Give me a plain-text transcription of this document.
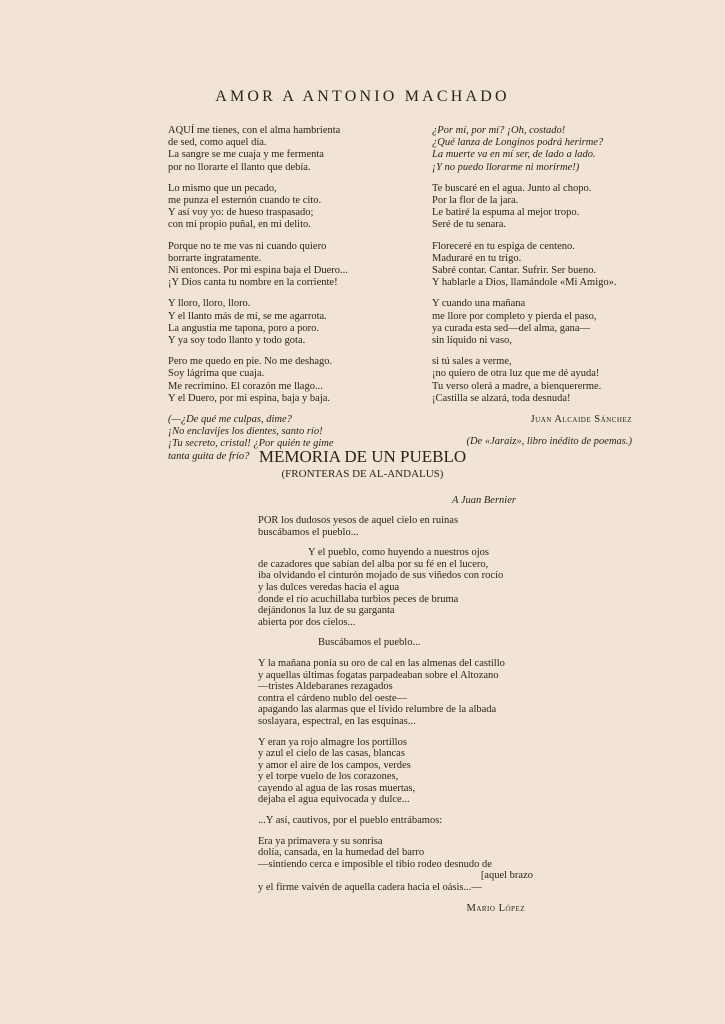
AMOR A ANTONIO MACHADO
AQUÍ me tienes, con el alma hambrienta
de sed, como aquel día.
La sangre se me cuaja y me fermenta
por no llorarte el llanto que debía.
Lo mismo que un pecado,
me punza el esternón cuando te cito.
Y así voy yo: de hueso traspasado;
con mi propio puñal, en mi delito.
Porque no te me vas ni cuando quiero
borrarte ingratamente.
Ni entonces. Por mi espina baja el Duero...
¡Y Dios canta tu nombre en la corriente!
Y lloro, lloro, lloro.
Y el llanto más de mí, se me agarrota.
La angustia me tapona, poro a poro.
Y ya soy todo llanto y todo gota.
Pero me quedo en pie. No me deshago.
Soy lágrima que cuaja.
Me recrimino. El corazón me llago...
Y el Duero, por mi espina, baja y baja.
(—¿De qué me culpas, dime?
¡No enclavijes los dientes, santo río!
¡Tu secreto, cristal! ¿Por quién te gime
tanta guita de frío?
¿Por mí, por mí? ¡Oh, costado!
¿Qué lanza de Longinos podrá herirme?
La muerte va en mí ser, de lado a lado.
¡Y no puedo llorarme ni morirme!)
Te buscaré en el agua. Junto al chopo.
Por la flor de la jara.
Le batiré la espuma al mejor tropo.
Seré de tu senara.
Floreceré en tu espiga de centeno.
Maduraré en tu trigo.
Sabré contar. Cantar. Sufrir. Ser bueno.
Y hablarle a Dios, llamándole «Mi Amigo».
Y cuando una mañana
me llore por completo y pierda el paso,
ya curada esta sed—del alma, gana—
sin líquido ni vaso,
si tú sales a verme,
¡no quiero de otra luz que me dé ayuda!
Tu verso olerá a madre, a bienquererme.
¡Castilla se alzará, toda desnuda!
Juan Alcaide Sánchez
(De «Jaraiz», libro inédito de poemas.)
MEMORIA DE UN PUEBLO
(FRONTERAS DE AL-ANDALUS)
A Juan Bernier
POR los dudosos yesos de aquel cielo en ruinas
buscábamos el pueblo...
Y el pueblo, como huyendo a nuestros ojos
de cazadores que sabían del alba por su fé en el lucero,
iba olvidando el cinturón mojado de sus viñedos con rocío
y las dulces veredas hacia el agua
donde el río acuchillaba turbios peces de bruma
dejándonos la luz de su garganta
abierta por dos cielos...
Buscábamos el pueblo...
Y la mañana ponía su oro de cal en las almenas del castillo
y aquellas últimas fogatas parpadeaban sobre el Altozano
—tristes Aldebaranes rezagados
contra el cárdeno nublo del oeste—
apagando las alarmas que el lívido relumbre de la albada
soslayara, espectral, en las esquinas...
Y eran ya rojo almagre los portillos
y azul el cielo de las casas, blancas
y amor el aire de los campos, verdes
y el torpe vuelo de los corazones,
cayendo al agua de las rosas muertas,
dejaba el agua equivocada y dulce...
...Y así, cautivos, por el pueblo entrábamos:
Era ya primavera y su sonrisa
dolía, cansada, en la humedad del barro
—sintiendo cerca e imposible el tibio rodeo desnudo de
[aquel brazo
y el firme vaivén de aquella cadera hacia el oásis...—
Mario López
